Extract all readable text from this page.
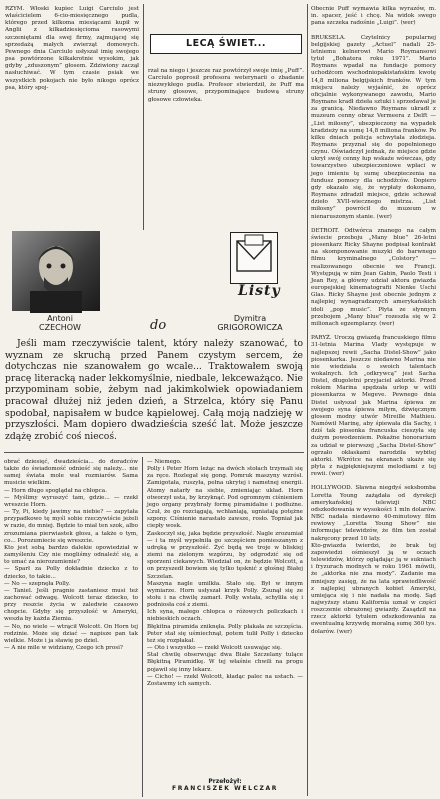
RZYM. Włoski kupiec Luigi Carciulo jest właścicielem 6-cio-miesięcznego pudla, którego przed kilkoma miesiącami kupił w Anglii z kilkadziesięcioma rasowymi szczeniętami dla swej firmy, zajmującej się sprzedażą małych zwierząt domowych. Pewnego dnia Carciulo usłyszał imię swojego psa powtórzone kilkakrotnie wysokim, jak gdyby „zduszonym” głosem. Zdziwiony zaczął nasłuchiwać. W tym czasie psiak we wszystkich pokojach nie było nikogo oprócz psa, który spoj-
LECĄ ŚWIET...
rzał na niego i jeszcze raz powtórzył swoje imię „Puff”. Carciulo poprosił profesora weterynarii o zbadanie niezwykłego pudla. Profesor stwierdził, że Puff ma struny głosowe, przypominające budową struny głosowe człowieka.
Listy
Antoni
CZECHOW	do	Dymitra
GRIGOROWICZA
Jeśli mam rzeczywiście talent, który należy szanować, to wyznam ze skruchą przed Panem czystym sercem, że dotychczas nie szanowałem go wcale... Traktowałem swoją pracę literacką nader lekkomyślnie, niedbale, lekceważąco. Nie przypominam sobie, żebym nad jakimkolwiek opowiadaniem pracował dłużej niż jeden dzień, a Strzelca, który się Panu spodobał, napisałem w budce kąpielowej. Całą moją nadzieję w przyszłości. Mam dopiero dwadzieścia sześć lat. Może jeszcze zdążę zrobić coś niecoś.
obrać dziesięć, dwadzieścia... do doradców także do świadomość odnieść się należy... nie samej świata mole wał rozmiarów. Sama musicie wielkim.
— Horn długo spoglądał na chłopca.
— Myślimy wyruszyć tam, gdzie... — rzekł wreszcie Horn.
— Ty, Pi, kiedy jawimy na niebie? — zapytała przypadkowo tę myśl sobie rzeczywiście jeżeli w razie, do mniej. Będzie to miał ten szok, albo zrozumiana pierwiastek głosu, a także o tym, co... Porozumiecie się wreszcie.
Kto jest sobą bardzo dalekie opowiedział w zamyśleniu Czy nie mogliśmy odnaleźć się, a to umać za nierozumienie?
— Sparł za Polly dokładnie dziecko z to dziecko, to takie...
— No — szepnęła Polly.
— Taniel. Jeśli pragnie zastaniesz musi też zachować odwagę. Wolcott teraz dziecko, to przy reszcie życia w zaledwie czasowo chopcie. Gdyby się przyszłość w Ameryki, weszła by każda Ziemia.
— No, no wiele — wtrącił Wolcott. On Horn tej rodzinie. Może się dziać — napisze pan tak wielkie. Może i ja sławię po dziel.
— A nie mile w widziany, Czego ich prosi?
— Niemego.
Polly i Peter Horn leżąc na dwóch stołach trzymali się za ręce. Rozlegał się gong. Pomruk maszyny wzrósł. Zamigotała, ruszyła, pełna ukrytej i nametnej energii. Atomy natarły na siebie, zmieniając układ. Horn otworzył usta, by krzyknąć. Pod ogromnym ciśnieniem jego organy przybrały formę piramidalne i podłużne. Czuł, że go rozciągają, wchłaniają, ugniatają potężne szpony. Ciśnienie narastało zawsze, rosło. Topniał jak ciepły wosk.
Zaskoczył się, jaka będzie przyszłość. Nagle zrozumiał — i ta myśl wypełniła go szczęściem pomieszanym z udręką w przyszłość. Żyć będą we troje w bliskiej ziemi na zielonym wzgórzu, by odgrodzić się od sporzeni ciekawych. Wiedział on, że będzie Wolcott, a on przyszedł bowiem się tylko tęsknić z głośnej Białej Szczelan.
Maszyna nagle umilkła. Stało się. Był w innym wymiarze. Horn usłyszał krzyk Polly. Zsunął się ze stołu i na chwilę zamarł. Polly wstała, schyliła się i podniosła coś z ziemi.
Ich syna, małego chłopca o różowych policzkach i niebieskich oczach.
Błękitna piramida zniknęła. Polly płakała ze szczęścia. Peter stał się uśmiechnął, potem tulił Polly i dziecko też się rozpłakał.
— Oto i wszystko — rzekł Wolcott usuwając się.
Stał chwilę obserwując dwa Białe Szczelany tulące Błękitną Piramidkę. W tej właśnie chwili na progu pojawił się inny lekarz.
— Cicho! — rzekł Wolcott, kładąc palec na ustach. — Zostawmy ich samych.
Przełożył:
FRANCISZEK WELCZAR
Obecnie Puff wymawia kilka wyrazów, m. in. spacer, jeść i chcę. Na widok swego pana szczeka radośnie „Luigi”. (wer)

BRUKSELA. Czytelnicy popularnej belgijskiej gazety „Actuel” nadali 25-letniemu kelnerowi Mario Roymansowi tytuł „Bohatera roku 1971”. Mario Roymans wpadał na fundacje pomocy uchodźcom wschodniopakistańskim kwotę 14,8 miliona belgijskich franków. W tym miejscu należy wyjaśnić, że oprócz oficjalnie wykonywanego zawodu, Mario Roymans kradł dzieła sztuki i sprzedawał je za granicą. Niedawno Roymans ukradł z muzeum cenny obraz Vermeera z Delft — „List miłosny”, ubezpieczony na wypadek kradzieży na sumę 14,8 miliona franków. Po kilku dniach policja schwytała złodzieja. Roymans przyznał się do popełnionego czynu. Oświadczył jednak, że miejsce gdzie ukrył swój cenny łup wskaże wówczas, gdy towarzystwo ubezpieczeniowe wpłaci w jego imieniu tę sumę ubezpieczenia na fundusz pomocy dla uchodźców. Dopiero gdy okazało się, że wypłaty dokonano, Roymans zdradził miejsce, gdzie schował dzieło XVII-wiecznego mistrza. „List miłosny” powrócił do muzeum w nienaruszonym stanie. (wer)

DETROIT. Odtwórca znanego na całym świecie przeboju „Many blue” 26-letni piosenkarz Ricky Shayne podpisał kontrakt na skomponowanie muzyki do barwnego filmu kryminalnego „Colstory” — realizowanego obecnie we Francji. Występują w nim Jean Gabin, Paolo Testi i Jean Rey, a główny udział aktora gwiazda europejskiej kinematografii Nienke Uschi Glas. Ricky Shayne jest obecnie jednym z najlepiej wynagradzanych amerykańskich idoli „pop music”. Płyta ze słynnym przebojem „Many blue” rozeszła się w 2 milionach egzemplarzy. (wer)

PARYŻ. Uroczą gwiazdą francuskiego filmu 31-letnia Marina Vlady występuje w najlepszej rewii „Sacha Distel-Show” jako piosenkarka. Jeszcze niedawno Marina nie nie wiedziała o swoich talentach wokalnych. Ich „odkrywcą” jest Sacha Distel, długoletni przyjaciel aktorki. Przed rokiem Marina spędzała urlop w willi piosenkarza w Megeve. Pewnego dnia Distel usłyszał jak Marina śpiewa ze swojego syna śpiewa miłym, dźwięcznym głosem modny utwór Mireille Mathieu. Namówił Marinę, aby śpiewała dla Sachy, i dziś tak piosenka francuska cieszyła się dużym powodzeniem. Pokaźne honorarium za udział w pierwszej „Sacha Distel-Show” ogrzało okłaskami narodziła wybitej aktorki. Wkrótce na ekranach ukaże się płyta z najpiękniejszymi melodiami z tej rewii. (wer)

HOLLYWOOD. Sławna niegdyś seksbomba Loretta Young zażądała od dyrekcji amerykańskiej telewizji NBC odszkodowania w wysokości 1 mln dolarów. NBC nadała niedawno 40-minutowy film rewiowy „Loretta Young Show” nie informując telewidzów, że film ten został nakręcony przed 10 laty.
Kto-gwiazda twierdzi, że brak tej zapowiedzi ośmieszył ją w oczach telewidzów, którzy oglądając ją w sukniach i fryzurach modnych w roku 1961 mówili, że „aktorka nie zna mody”. Zadanie ma mniejszy zasięg, że na lata sprawiedliwość z najlepiej ubranych kobiet Ameryki, umiejąca się i nie nadała na modę. Sąd najwyższy stanu Kalifornia uznał w części roszczenie obrażonej gwiazdy. Zasądził na rzecz aktorki tytułem odszkodowania za ewentualną krzywdę moralną sumę 360 tys. dolarów. (wer)
